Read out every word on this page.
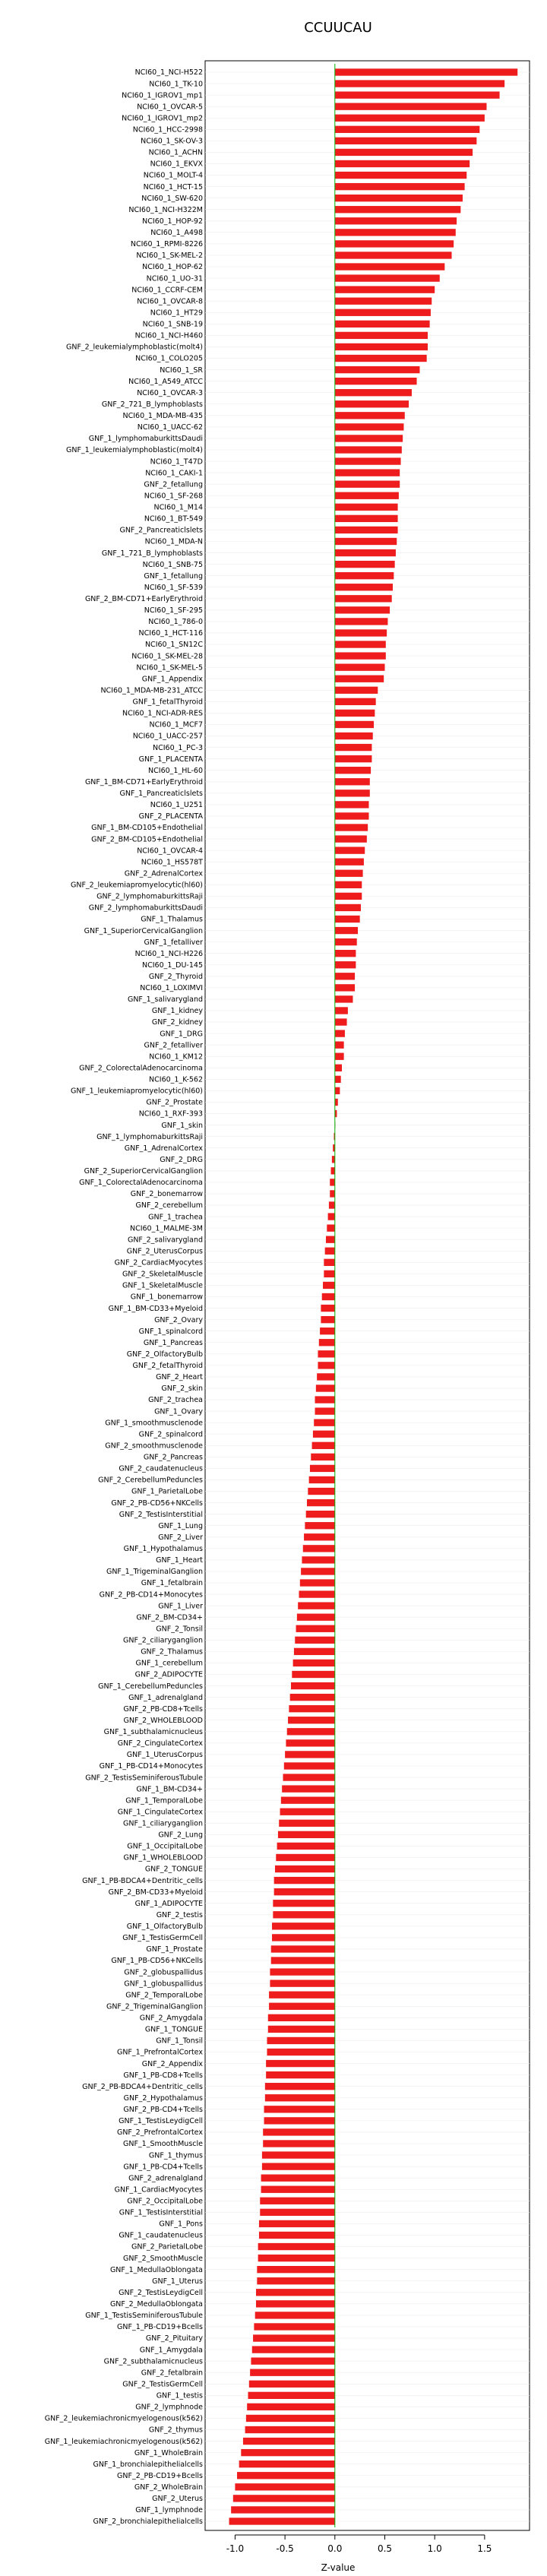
CCUUCAU
NCI60_1_NCI-H522
NCI60_1_TK-10
NCI60_1_IGROV1_mp1
NCI60_1_OVCAR-5
NCI60_1_IGROV1_mp2
NCI60_1_HCC-2998
NCI60_1_SK-OV-3
NCI60_1_ACHN
NCI60_1_EKVX
NCI60_1_MOLT-4
NCI60_1_HCT-15
NCI60_1_SW-620
NCI60_1_NCI-H322M
NCI60_1_HOP-92
NCI60_1_A498
NCI60_1_RPMI-8226
NCI60_1_SK-MEL-2
NCI60_1_HOP-62
NCI60_1_UO-31
NCI60_1_CCRF-CEM
NCI60_1_OVCAR-8
NCI60_1_HT29
NCI60_1_SNB-19
NCI60_1_NCI-H460
GNF_2_leukemialymphoblastic(molt4)
NCI60_1_COLO205
NCI60_1_SR
NCI60_1_A549_ATCC
NCI60_1_OVCAR-3
GNF_2_721_B_lymphoblasts
NCI60_1_MDA-MB-435
NCI60_1_UACC-62
GNF_1_lymphomaburkittsDaudi
GNF_1_leukemialymphoblastic(molt4)
NCI60_1_T47D
NCI60_1_CAKI-1
GNF_2_fetallung
NCI60_1_SF-268
NCI60_1_M14
NCI60_1_BT-549
GNF_2_Pancreaticlslets
NCI60_1_MDA-N
GNF_1_721_B_lymphoblasts
NCI60_1_SNB-75
GNF_1_fetallung
NCI60_1_SF-539
GNF_2_BM-CD71+EarlyErythroid
NCI60_1_SF-295
NCI60_1_786-0
NCI60_1_HCT-116
NCI60_1_SN12C
NCI60_1_SK-MEL-28
NCI60_1_SK-MEL-5
GNF_1_Appendix
NCI60_1_MDA-MB-231_ATCC
GNF_1_fetalThyroid
NCI60_1_NCI-ADR-RES
NCI60_1_MCF7
NCI60_1_UACC-257
NCI60_1_PC-3
GNF_1_PLACENTA
NCI60_1_HL-60
GNF_1_BM-CD71+EarlyErythroid
GNF_1_Pancreaticlslets
NCI60_1_U251
GNF_2_PLACENTA
GNF_1_BM-CD105+Endothelial
GNF_2_BM-CD105+Endothelial
NCI60_1_OVCAR-4
NCI60_1_HS578T
GNF_2_AdrenalCortex
GNF_2_leukemiapromyelocytic(hl60)
GNF_2_lymphomaburkittsRaji
GNF_2_lymphomaburkittsDaudi
GNF_1_Thalamus
GNF_1_SuperiorCervicalGanglion
GNF_1_fetalliver
NCI60_1_NCI-H226
NCI60_1_DU-145
GNF_2_Thyroid
NCI60_1_LOXIMVI
GNF_1_salivarygland
GNF_1_kidney
GNF_2_kidney
GNF_1_DRG
GNF_2_fetalliver
NCI60_1_KM12
GNF_2_ColorectalAdenocarcinoma
NCI60_1_K-562
GNF_1_leukemiapromyelocytic(hl60)
GNF_2_Prostate
NCI60_1_RXF-393
GNF_1_skin
GNF_1_lymphomaburkittsRaji
GNF_1_AdrenalCortex
GNF_2_DRG
GNF_2_SuperiorCervicalGanglion
GNF_1_ColorectalAdenocarcinoma
GNF_2_bonemarrow
GNF_2_cerebellum
GNF_1_trachea
NCI60_1_MALME-3M
GNF_2_salivarygland
GNF_2_UterusCorpus
GNF_2_CardiacMyocytes
GNF_2_SkeletalMuscle
GNF_1_SkeletalMuscle
GNF_1_bonemarrow
GNF_1_BM-CD33+Myeloid
GNF_2_Ovary
GNF_1_spinalcord
GNF_1_Pancreas
GNF_2_OlfactoryBulb
GNF_2_fetalThyroid
GNF_2_Heart
GNF_2_skin
GNF_2_trachea
GNF_1_Ovary
GNF_1_smoothmusclenode
GNF_2_spinalcord
GNF_2_smoothmusclenode
GNF_2_Pancreas
GNF_2_caudatenucleus
GNF_2_CerebellumPeduncles
GNF_1_ParietalLobe
GNF_2_PB-CD56+NKCells
GNF_2_TestisInterstitial
GNF_1_Lung
GNF_2_Liver
GNF_1_Hypothalamus
GNF_1_Heart
GNF_1_TrigeminalGanglion
GNF_1_fetalbrain
GNF_2_PB-CD14+Monocytes
GNF_1_Liver
GNF_2_BM-CD34+
GNF_2_Tonsil
GNF_2_ciliaryganglion
GNF_2_Thalamus
GNF_1_cerebellum
GNF_2_ADIPOCYTE
GNF_1_CerebellumPeduncles
GNF_1_adrenalgland
GNF_2_PB-CD8+Tcells
GNF_2_WHOLEBLOOD
GNF_1_subthalamicnucleus
GNF_2_CingulateCortex
GNF_1_UterusCorpus
GNF_1_PB-CD14+Monocytes
GNF_2_TestisSeminiferousTubule
GNF_1_BM-CD34+
GNF_1_TemporalLobe
GNF_1_CingulateCortex
GNF_1_ciliaryganglion
GNF_2_Lung
GNF_1_OccipitalLobe
GNF_1_WHOLEBLOOD
GNF_2_TONGUE
GNF_1_PB-BDCA4+Dentritic_cells
GNF_2_BM-CD33+Myeloid
GNF_1_ADIPOCYTE
GNF_2_testis
GNF_1_OlfactoryBulb
GNF_1_TestisGermCell
GNF_1_Prostate
GNF_1_PB-CD56+NKCells
GNF_2_globuspallidus
GNF_1_globuspallidus
GNF_2_TemporalLobe
GNF_2_TrigeminalGanglion
GNF_2_Amygdala
GNF_1_TONGUE
GNF_1_Tonsil
GNF_1_PrefrontalCortex
GNF_2_Appendix
GNF_1_PB-CD8+Tcells
GNF_2_PB-BDCA4+Dentritic_cells
GNF_2_Hypothalamus
GNF_2_PB-CD4+Tcells
GNF_1_TestisLeydigCell
GNF_2_PrefrontalCortex
GNF_1_SmoothMuscle
GNF_1_thymus
GNF_1_PB-CD4+Tcells
GNF_2_adrenalgland
GNF_1_CardiacMyocytes
GNF_2_OccipitalLobe
GNF_1_TestisInterstitial
GNF_1_Pons
GNF_1_caudatenucleus
GNF_2_ParietalLobe
GNF_2_SmoothMuscle
GNF_1_MedullaOblongata
GNF_1_Uterus
GNF_2_TestisLeydigCell
GNF_2_MedullaOblongata
GNF_1_TestisSeminiferousTubule
GNF_1_PB-CD19+Bcells
GNF_2_Pituitary
GNF_1_Amygdala
GNF_2_subthalamicnucleus
GNF_2_fetalbrain
GNF_2_TestisGermCell
GNF_1_testis
GNF_2_lymphnode
GNF_2_leukemiachronicmyelogenous(k562)
GNF_2_thymus
GNF_1_leukemiachronicmyelogenous(k562)
GNF_1_WholeBrain
GNF_1_bronchialepithelialcells
GNF_2_PB-CD19+Bcells
GNF_2_WholeBrain
GNF_2_Uterus
GNF_1_lymphnode
GNF_2_bronchialepithelialcells
-1.0	-0.5	0.0	0.5	1.0	1.5
Z-value
